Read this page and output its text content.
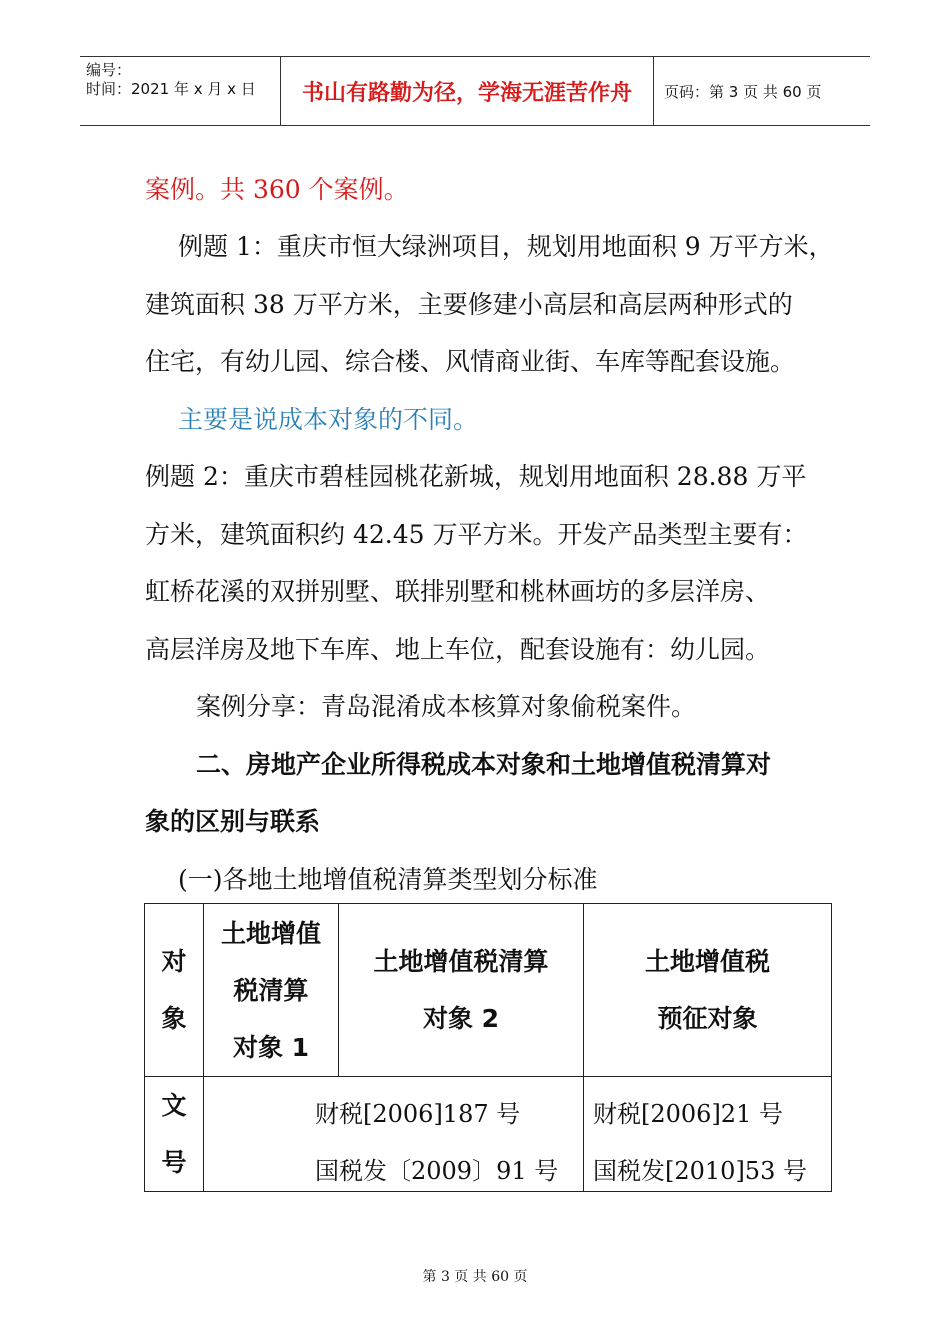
编号：
时间：2021 年 x 月 x 日	书山有路勤为径，学海无涯苦作舟	页码：第 3 页 共 60 页
案例。共 360 个案例。
例题 1：重庆市恒大绿洲项目，规划用地面积 9 万平方米，
建筑面积 38 万平方米，主要修建小高层和高层两种形式的
住宅，有幼儿园、综合楼、风情商业街、车库等配套设施。
主要是说成本对象的不同。
例题 2：重庆市碧桂园桃花新城，规划用地面积 28.88 万平
方米，建筑面积约 42.45 万平方米。开发产品类型主要有：
虹桥花溪的双拼别墅、联排别墅和桃林画坊的多层洋房、
高层洋房及地下车库、地上车位，配套设施有：幼儿园。
案例分享：青岛混淆成本核算对象偷税案件。
二、房地产企业所得税成本对象和土地增值税清算对
象的区别与联系
(一)各地土地增值税清算类型划分标准
对
象
土地增值
税清算
对象 1
土地增值税清算
对象 2
土地增值税
预征对象
文
号
财税[2006]187 号
国税发〔2009〕91 号
财税[2006]21 号
国税发[2010]53 号
第 3 页 共 60 页
